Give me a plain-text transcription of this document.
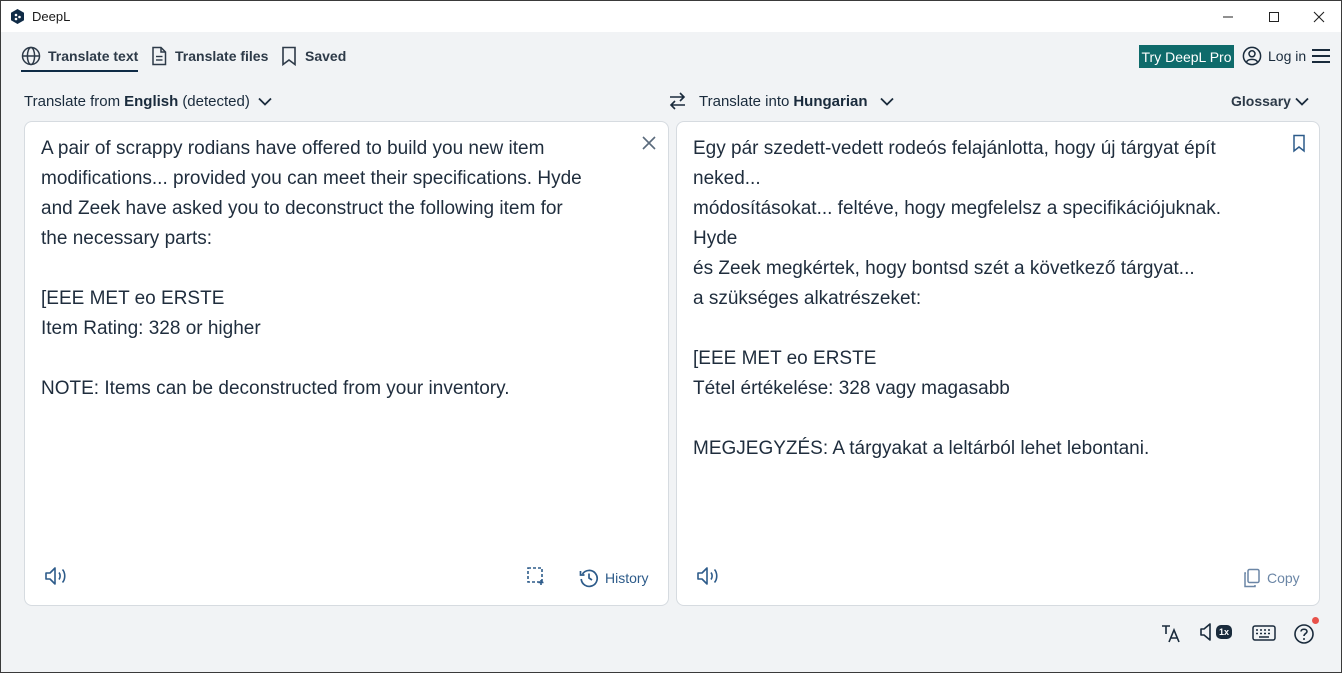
DeepL
Translate text	Translate files	Saved	Try DeepL Pro	Log in
Translate from English (detected)	Translate into Hungarian	Glossary
A pair of scrappy rodians have offered to build you new item
modifications... provided you can meet their specifications. Hyde
and Zeek have asked you to deconstruct the following item for
the necessary parts:

[EEE MET eo ERSTE
Item Rating: 328 or higher

NOTE: Items can be deconstructed from your inventory.
History
Egy pár szedett-vedett rodeós felajánlotta, hogy új tárgyat épít
neked...
módosításokat... feltéve, hogy megfelelsz a specifikációjuknak.
Hyde
és Zeek megkértek, hogy bontsd szét a következő tárgyat...
a szükséges alkatrészeket:

[EEE MET eo ERSTE
Tétel értékelése: 328 vagy magasabb

MEGJEGYZÉS: A tárgyakat a leltárból lehet lebontani.
Copy
1x
